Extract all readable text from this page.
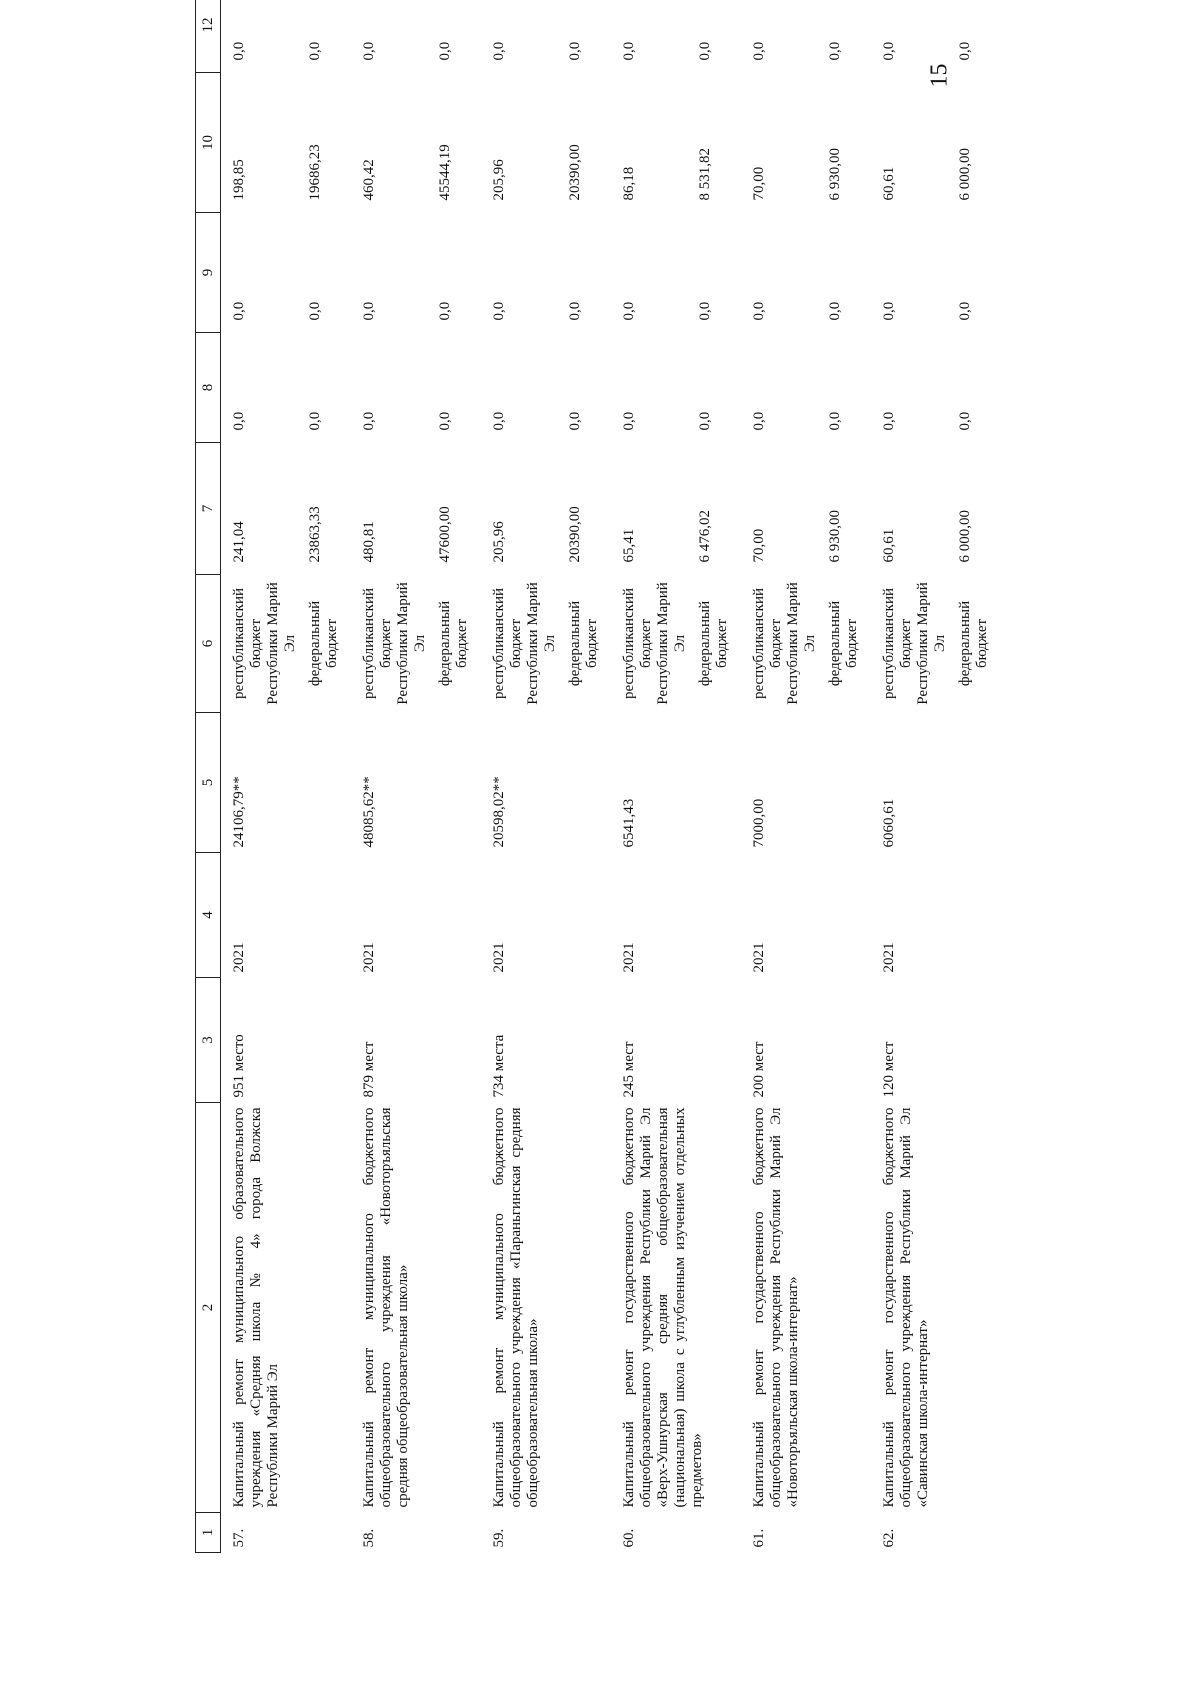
15
1	2	3	4	5	6	7	8	9	10	12	
57.	Капитальный ремонт муниципального образовательного учреждения «Средняя школа № 4» города Волжска Республики Марий Эл	951 место	2021	24106,79**	республиканский бюджет Республики Марий Эл	241,04	0,0	0,0	198,85	0,0	
					федеральный бюджет	23863,33	0,0	0,0	19686,23	0,0	
58.	Капитальный ремонт муниципального бюджетного общеобразовательного учреждения «Новоторъяльская средняя общеобразовательная школа»	879 мест	2021	48085,62**	республиканский бюджет Республики Марий Эл	480,81	0,0	0,0	460,42	0,0	
					федеральный бюджет	47600,00	0,0	0,0	45544,19	0,0	
59.	Капитальный ремонт муниципального бюджетного общеобразовательного учреждения «Параньгинская средняя общеобразовательная школа»	734 места	2021	20598,02**	республиканский бюджет Республики Марий Эл	205,96	0,0	0,0	205,96	0,0	
					федеральный бюджет	20390,00	0,0	0,0	20390,00	0,0	
60.	Капитальный ремонт государственного бюджетного общеобразовательного учреждения Республики Марий Эл «Верх-Ушнурская средняя общеобразовательная (национальная) школа с углубленным изучением отдельных предметов»	245 мест	2021	6541,43	республиканский бюджет Республики Марий Эл	65,41	0,0	0,0	86,18	0,0	
					федеральный бюджет	6 476,02	0,0	0,0	8 531,82	0,0	
61.	Капитальный ремонт государственного бюджетного общеобразовательного учреждения Республики Марий Эл «Новоторъяльская школа-интернат»	200 мест	2021	7000,00	республиканский бюджет Республики Марий Эл	70,00	0,0	0,0	70,00	0,0	
					федеральный бюджет	6 930,00	0,0	0,0	6 930,00	0,0	
62.	Капитальный ремонт государственного бюджетного общеобразовательного учреждения Республики Марий Эл «Савинская школа-интернат»	120 мест	2021	6060,61	республиканский бюджет Республики Марий Эл	60,61	0,0	0,0	60,61	0,0	
					федеральный бюджет	6 000,00	0,0	0,0	6 000,00	0,0	
